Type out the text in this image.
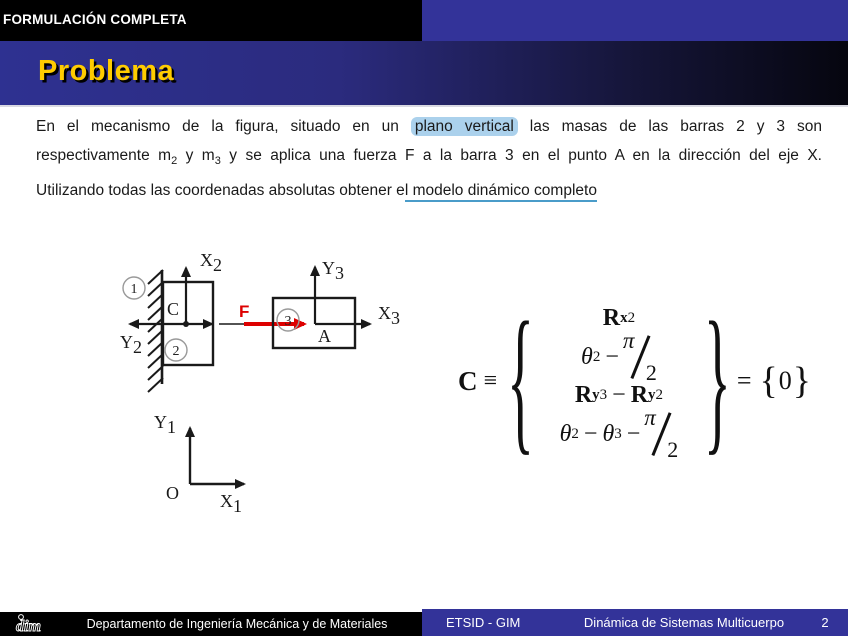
FORMULACIÓN COMPLETA
Problema
En el mecanismo de la figura, situado en un plano vertical las masas de las barras 2 y 3 son
respectivamente $m_2$ y $m_3$ y se aplica una fuerza F a la barra 3 en el punto A en la dirección del eje X.
Utilizando todas las coordenadas absolutas obtener el modelo dinámico completo
X2
Y2
C
1
2
F
3
Y3
X3
A
Y1
O X1
C ≡ {	R x2
θ 2 −
π
2
R y3 − R y2
θ 2 − θ 3 −
π
2 } = { 0 }
dim	Departamento de Ingeniería Mecánica y de Materiales	ETSID - GIM	Dinámica de Sistemas Multicuerpo	2
